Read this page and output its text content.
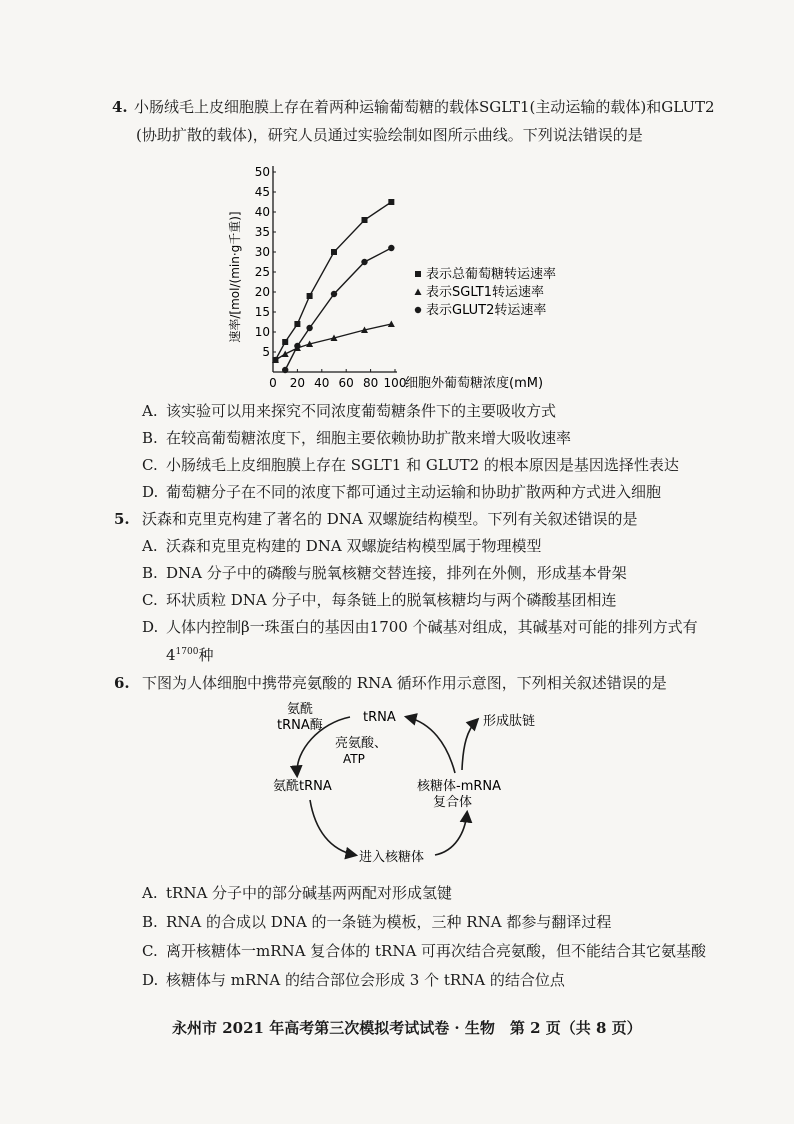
4. 小肠绒毛上皮细胞膜上存在着两种运输葡萄糖的载体SGLT1(主动运输的载体)和GLUT2
(协助扩散的载体)，研究人员通过实验绘制如图所示曲线。下列说法错误的是
0 20 40 60 80 100
5
10
15
20
25
30
35
40
45
50
速率/[mol/(min·g千重)]
细胞外葡萄糖浓度(mM)
表示总葡萄糖转运速率
表示SGLT1转运速率
表示GLUT2转运速率
A. 该实验可以用来探究不同浓度葡萄糖条件下的主要吸收方式
B. 在较高葡萄糖浓度下，细胞主要依赖协助扩散来增大吸收速率
C. 小肠绒毛上皮细胞膜上存在 SGLT1 和 GLUT2 的根本原因是基因选择性表达
D. 葡萄糖分子在不同的浓度下都可通过主动运输和协助扩散两种方式进入细胞
5. 沃森和克里克构建了著名的 DNA 双螺旋结构模型。下列有关叙述错误的是
A. 沃森和克里克构建的 DNA 双螺旋结构模型属于物理模型
B. DNA 分子中的磷酸与脱氧核糖交替连接，排列在外侧，形成基本骨架
C. 环状质粒 DNA 分子中，每条链上的脱氧核糖均与两个磷酸基团相连
D. 人体内控制β一珠蛋白的基因由1700 个碱基对组成，其碱基对可能的排列方式有
$4^{1700}$种
6. 下图为人体细胞中携带亮氨酸的 RNA 循环作用示意图，下列相关叙述错误的是
氨酰
tRNA酶
tRNA
亮氨酸、
ATP
氨酰tRNA	核糖体-mRNA
复合体
进入核糖体
形成肽链
A. tRNA 分子中的部分碱基两两配对形成氢键
B. RNA 的合成以 DNA 的一条链为模板，三种 RNA 都参与翻译过程
C. 离开核糖体一mRNA 复合体的 tRNA 可再次结合亮氨酸，但不能结合其它氨基酸
D. 核糖体与 mRNA 的结合部位会形成 3 个 tRNA 的结合位点
永州市 2021 年高考第三次模拟考试试卷 · 生物　第 2 页（共 8 页）
